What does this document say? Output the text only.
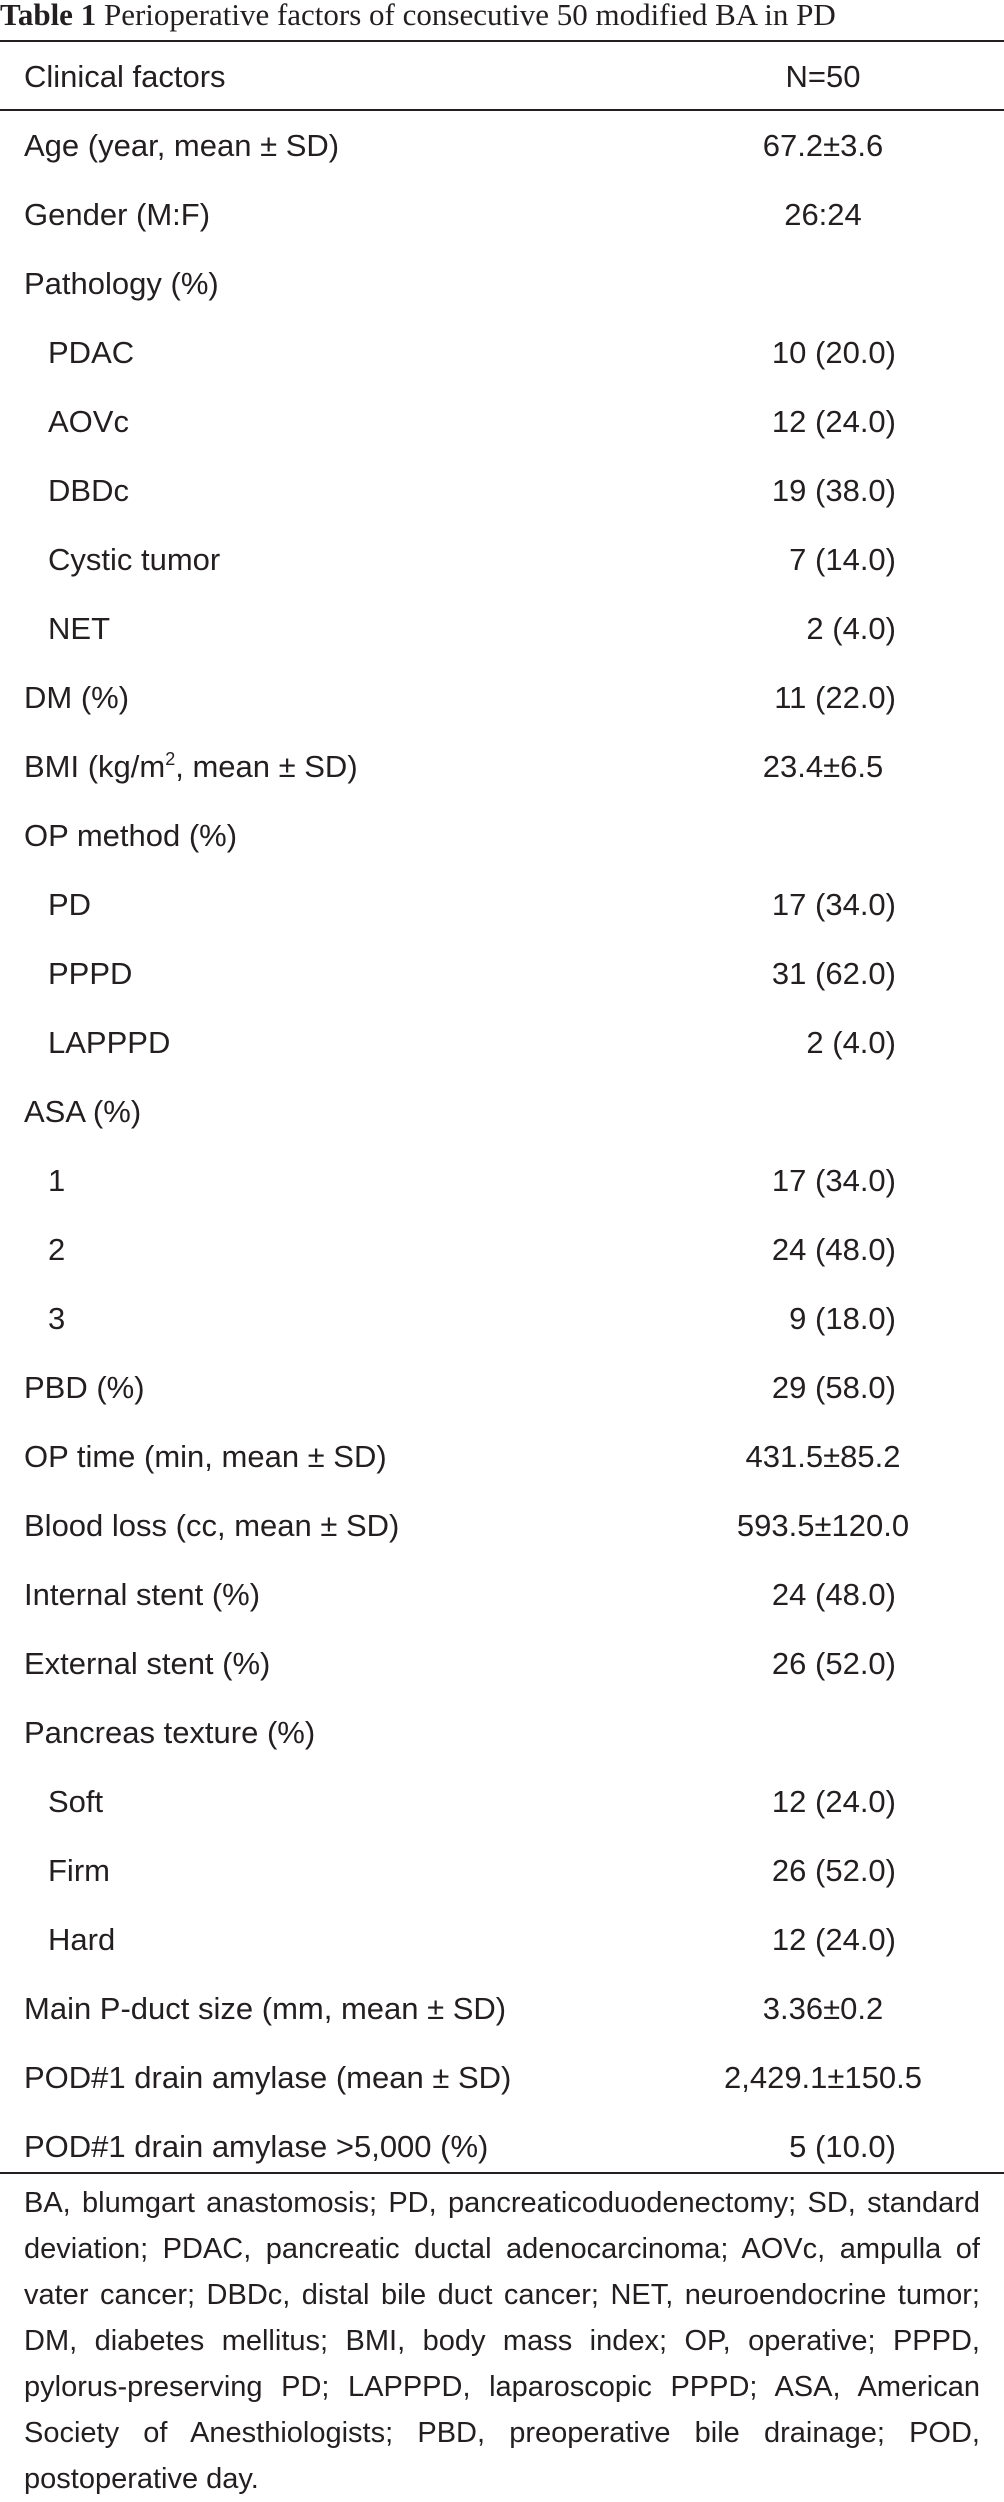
Table 1 Perioperative factors of consecutive 50 modified BA in PD
Clinical factors	N=50
Age (year, mean ± SD)	67.2±3.6
Gender (M:F)	26:24
Pathology (%)
PDAC	10 (20.0)
AOVc	12 (24.0)
DBDc	19 (38.0)
Cystic tumor	7 (14.0)
NET	2 (4.0)
DM (%)	11 (22.0)
BMI ($kg/m^2$, mean ± SD)	23.4±6.5
OP method (%)
PD	17 (34.0)
PPPD	31 (62.0)
LAPPPD	2 (4.0)
ASA (%)
1	17 (34.0)
2	24 (48.0)
3	9 (18.0)
PBD (%)	29 (58.0)
OP time (min, mean ± SD)	431.5±85.2
Blood loss (cc, mean ± SD)	593.5±120.0
Internal stent (%)	24 (48.0)
External stent (%)	26 (52.0)
Pancreas texture (%)
Soft	12 (24.0)
Firm	26 (52.0)
Hard	12 (24.0)
Main P-duct size (mm, mean ± SD)	3.36±0.2
POD#1 drain amylase (mean ± SD)	2,429.1±150.5
POD#1 drain amylase >5,000 (%)	5 (10.0)
BA, blumgart anastomosis; PD, pancreaticoduodenectomy; SD, standard deviation; PDAC, pancreatic ductal adenocarcinoma; AOVc, ampulla of vater cancer; DBDc, distal bile duct cancer; NET, neuroendocrine tumor; DM, diabetes mellitus; BMI, body mass index; OP, operative; PPPD, pylorus-preserving PD; LAPPPD, laparoscopic PPPD; ASA, American Society of Anesthiologists; PBD, preoperative bile drainage; POD, postoperative day.
